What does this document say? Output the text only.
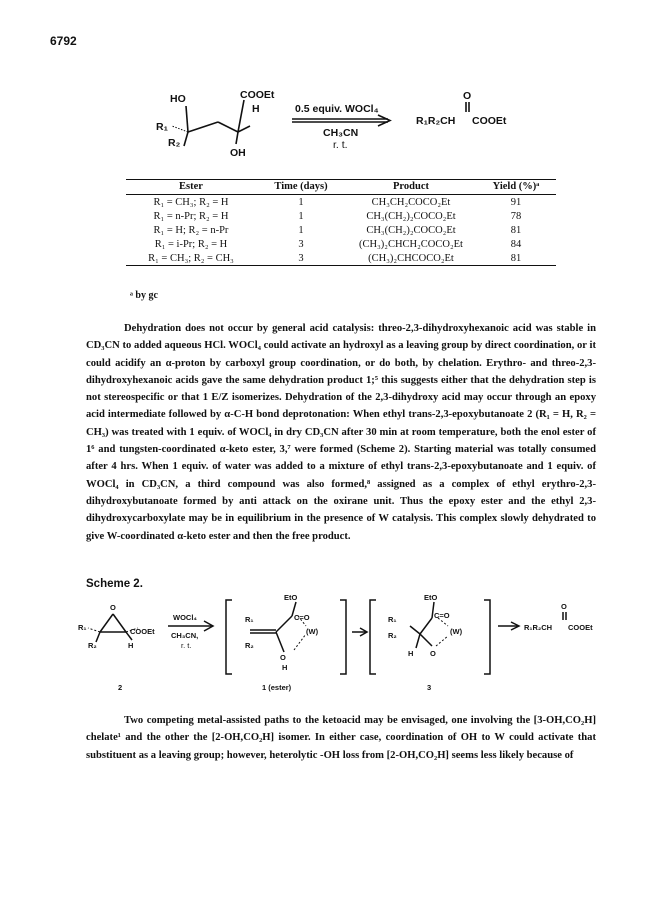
6792
HO	COOEt
H
R₁
R₂
OH
0.5 equiv. WOCl₄
CH₃CN
r. t.
O
R₁R₂CH COOEt
Ester	Time (days)	Product	Yield (%)ᵃ
R₁ = CH₃; R₂ = H	1	CH₃CH₂COCO₂Et	91
R₁ = n-Pr; R₂ = H	1	CH₃(CH₂)₂COCO₂Et	78
R₁ = H; R₂ = n-Pr	1	CH₃(CH₂)₂COCO₂Et	81
R₁ = i-Pr; R₂ = H	3	(CH₃)₂CHCH₂COCO₂Et	84
R₁ = CH₃; R₂ = CH₃	3	(CH₃)₂CHCOCO₂Et	81
ᵃ by gc

Dehydration does not occur by general acid catalysis: threo-2,3-dihydroxyhexanoic acid was stable in CD₃CN to added aqueous HCl. WOCl₄ could activate an hydroxyl as a leaving group by direct coordination, or it could acidify an α-proton by carboxyl group coordination, or do both, by chelation. Erythro- and threo-2,3-dihydroxyhexanoic acids gave the same dehydration product 1;⁵ this suggests either that the dehydration step is not stereospecific or that 1 E/Z isomerizes. Dehydration of the 2,3-dihydroxy acid may occur through an epoxy acid intermediate followed by α-C-H bond deprotonation: When ethyl trans-2,3-epoxybutanoate 2 (R₁ = H, R₂ = CH₃) was treated with 1 equiv. of WOCl₄ in dry CD₃CN after 30 min at room temperature, both the enol ester of 1⁶ and tungsten-coordinated α-keto ester, 3,⁷ were formed (Scheme 2). Starting material was totally consumed after 4 hrs. When 1 equiv. of water was added to a mixture of ethyl trans-2,3-epoxybutanoate and 1 equiv. of WOCl₄ in CD₃CN, a third compound was also formed,⁸ assigned as a complex of ethyl erythro-2,3-dihydroxybutanoate formed by anti attack on the oxirane unit. Thus the epoxy ester and the ethyl 2,3-dihydroxycarboxylate may be in equilibrium in the presence of W catalysis. This complex slowly dehydrated to give W-coordinated α-keto ester and then the free product.

Scheme 2.
R₁
R₂
O
COOEt
H
WOCl₄
CH₃CN,
r. t.
EtO
C=O
(W)
R₁
R₂
O
H
EtO
C=O
(W)
R₁
R₂
O
H
O
R₁R₂CH COOEt
2	1 (ester)	3

Two competing metal-assisted paths to the ketoacid may be envisaged, one involving the [3-OH,CO₂H] chelate¹ and the other the [2-OH,CO₂H] isomer. In either case, coordination of OH to W could activate that substituent as a leaving group; however, heterolytic -OH loss from [2-OH,CO₂H] seems less likely because of
